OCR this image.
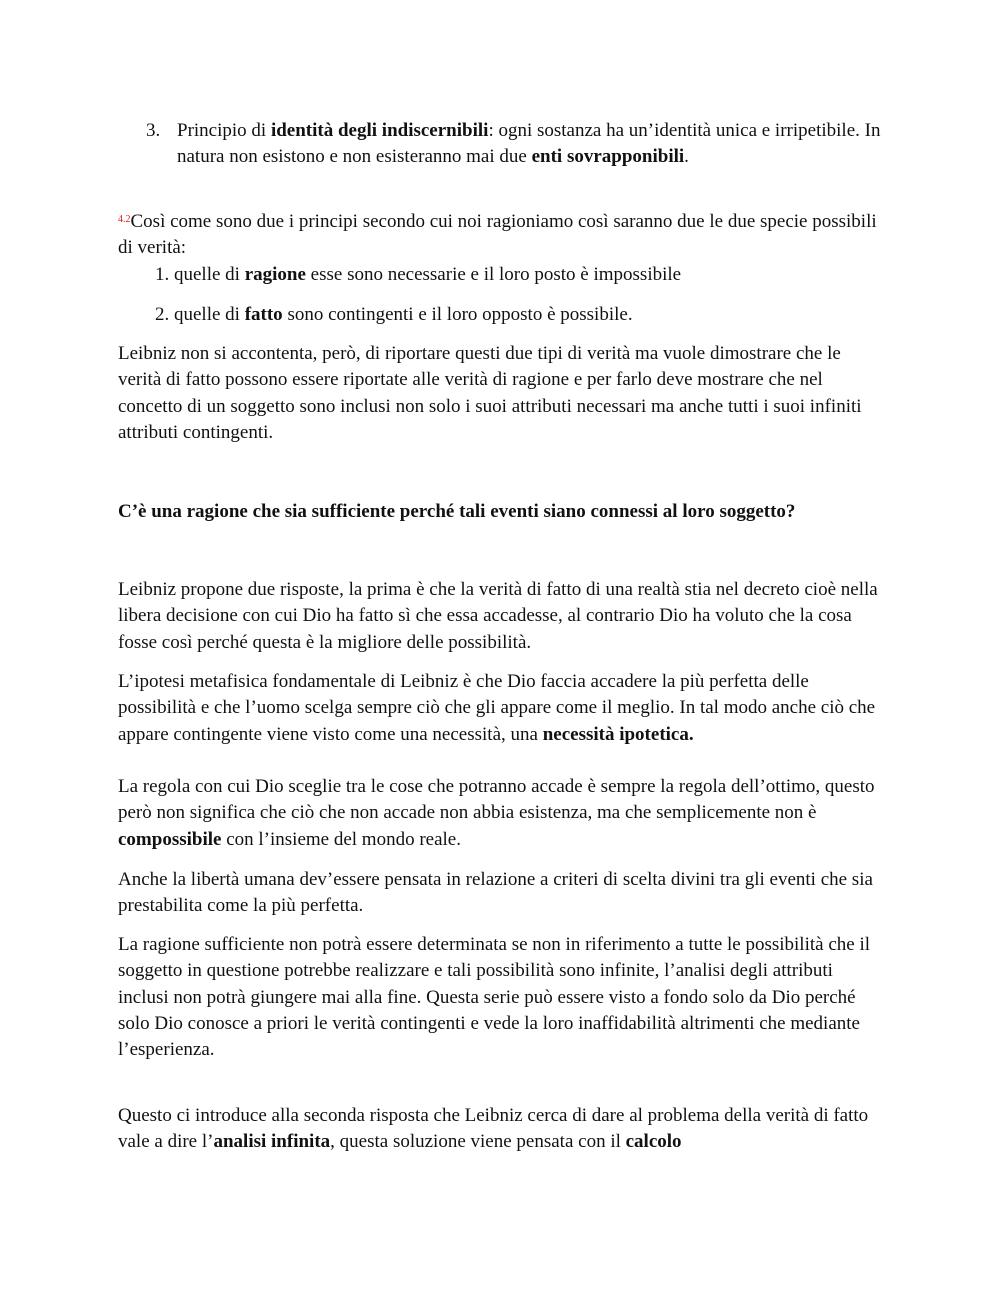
3. Principio di identità degli indiscernibili: ogni sostanza ha un’identità unica e irripetibile. In natura non esistono e non esisteranno mai due enti sovrapponibili.

$^{4.2}$Così come sono due i principi secondo cui noi ragioniamo così saranno due le due specie possibili di verità:

1. quelle di ragione esse sono necessarie e il loro posto è impossibile
2. quelle di fatto sono contingenti e il loro opposto è possibile.

Leibniz non si accontenta, però, di riportare questi due tipi di verità ma vuole dimostrare che le verità di fatto possono essere riportate alle verità di ragione e per farlo deve mostrare che nel concetto di un soggetto sono inclusi non solo i suoi attributi necessari ma anche tutti i suoi infiniti attributi contingenti.

C’è una ragione che sia sufficiente perché tali eventi siano connessi al loro soggetto?

Leibniz propone due risposte, la prima è che la verità di fatto di una realtà stia nel decreto cioè nella libera decisione con cui Dio ha fatto sì che essa accadesse, al contrario Dio ha voluto che la cosa fosse così perché questa è la migliore delle possibilità.

L’ipotesi metafisica fondamentale di Leibniz è che Dio faccia accadere la più perfetta delle possibilità e che l’uomo scelga sempre ciò che gli appare come il meglio. In tal modo anche ciò che appare contingente viene visto come una necessità, una necessità ipotetica.

La regola con cui Dio sceglie tra le cose che potranno accade è sempre la regola dell’ottimo, questo però non significa che ciò che non accade non abbia esistenza, ma che semplicemente non è compossibile con l’insieme del mondo reale.

Anche la libertà umana dev’essere pensata in relazione a criteri di scelta divini tra gli eventi che sia prestabilita come la più perfetta.

La ragione sufficiente non potrà essere determinata se non in riferimento a tutte le possibilità che il soggetto in questione potrebbe realizzare e tali possibilità sono infinite, l’analisi degli attributi inclusi non potrà giungere mai alla fine. Questa serie può essere visto a fondo solo da Dio perché solo Dio conosce a priori le verità contingenti e vede la loro inaffidabilità altrimenti che mediante l’esperienza.

Questo ci introduce alla seconda risposta che Leibniz cerca di dare al problema della verità di fatto vale a dire l’analisi infinita, questa soluzione viene pensata con il calcolo
